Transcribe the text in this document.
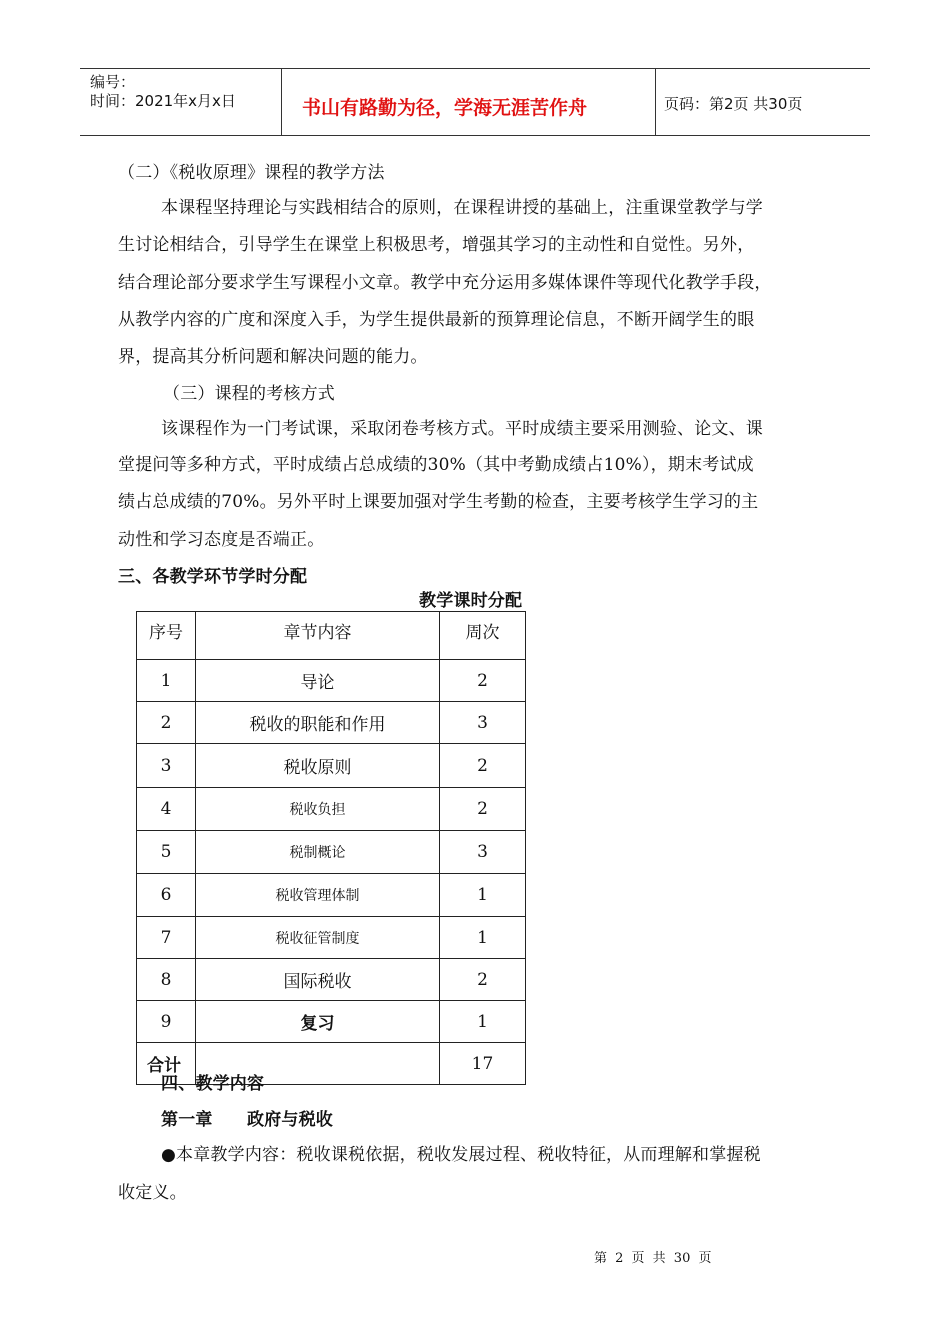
编号：
时间：2021年x月x日	书山有路勤为径，学海无涯苦作舟	页码：第2页 共30页
（二）《税收原理》课程的教学方法
本课程坚持理论与实践相结合的原则，在课程讲授的基础上，注重课堂教学与学
生讨论相结合，引导学生在课堂上积极思考，增强其学习的主动性和自觉性。另外，
结合理论部分要求学生写课程小文章。教学中充分运用多媒体课件等现代化教学手段，
从教学内容的广度和深度入手，为学生提供最新的预算理论信息，不断开阔学生的眼
界，提高其分析问题和解决问题的能力。
（三）课程的考核方式
该课程作为一门考试课，采取闭卷考核方式。平时成绩主要采用测验、论文、课
堂提问等多种方式，平时成绩占总成绩的30%（其中考勤成绩占10%），期末考试成
绩占总成绩的70%。另外平时上课要加强对学生考勤的检查，主要考核学生学习的主
动性和学习态度是否端正。
三、各教学环节学时分配
教学课时分配
序号	章节内容	周次
1	导论	2
2	税收的职能和作用	3
3	税收原则	2
4	税收负担	2
5	税制概论	3
6	税收管理体制	1
7	税收征管制度	1
8	国际税收	2
9	复习	1
合计		17
四、教学内容
第一章　　政府与税收
●本章教学内容：税收课税依据，税收发展过程、税收特征，从而理解和掌握税
收定义。
第 2 页 共 30 页
